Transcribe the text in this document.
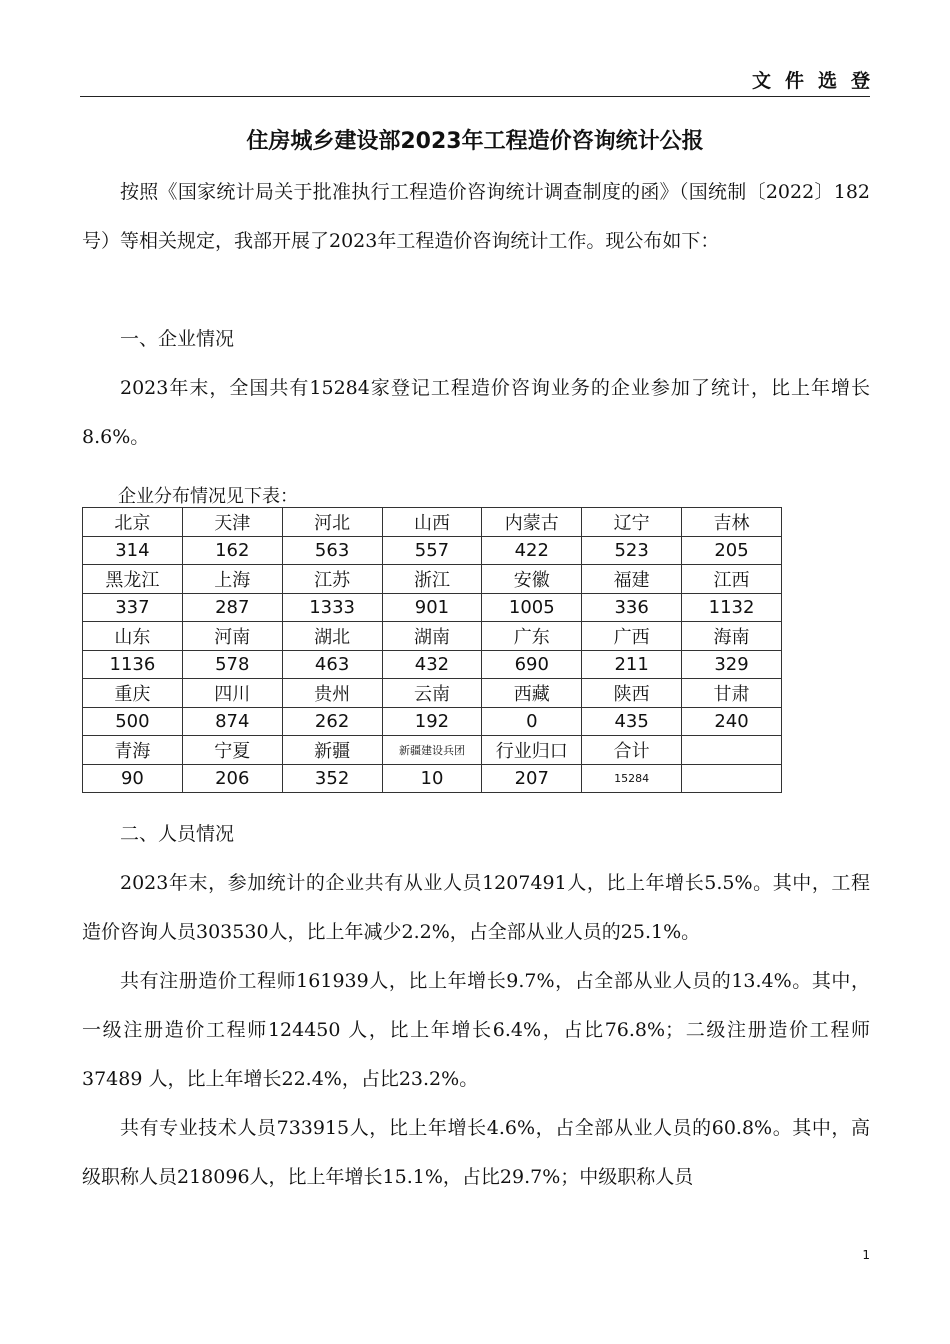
文件选登
住房城乡建设部2023年工程造价咨询统计公报

按照《国家统计局关于批准执行工程造价咨询统计调查制度的函》（国统制〔2022〕182号）等相关规定，我部开展了2023年工程造价咨询统计工作。现公布如下：

一、企业情况

2023年末，全国共有15284家登记工程造价咨询业务的企业参加了统计，比上年增长8.6%。

企业分布情况见下表：
北京	天津	河北	山西	内蒙古	辽宁	吉林
314	162	563	557	422	523	205
黑龙江	上海	江苏	浙江	安徽	福建	江西
337	287	1333	901	1005	336	1132
山东	河南	湖北	湖南	广东	广西	海南
1136	578	463	432	690	211	329
重庆	四川	贵州	云南	西藏	陕西	甘肃
500	874	262	192	0	435	240
青海	宁夏	新疆	新疆建设兵团	行业归口	合计	
90	206	352	10	207	15284	

二、人员情况

2023年末，参加统计的企业共有从业人员1207491人，比上年增长5.5%。其中，工程造价咨询人员303530人，比上年减少2.2%，占全部从业人员的25.1%。

共有注册造价工程师161939人，比上年增长9.7%，占全部从业人员的13.4%。其中，一级注册造价工程师124450 人，比上年增长6.4%，占比76.8%；二级注册造价工程师37489 人，比上年增长22.4%，占比23.2%。

共有专业技术人员733915人，比上年增长4.6%，占全部从业人员的60.8%。其中，高级职称人员218096人，比上年增长15.1%，占比29.7%；中级职称人员

1
